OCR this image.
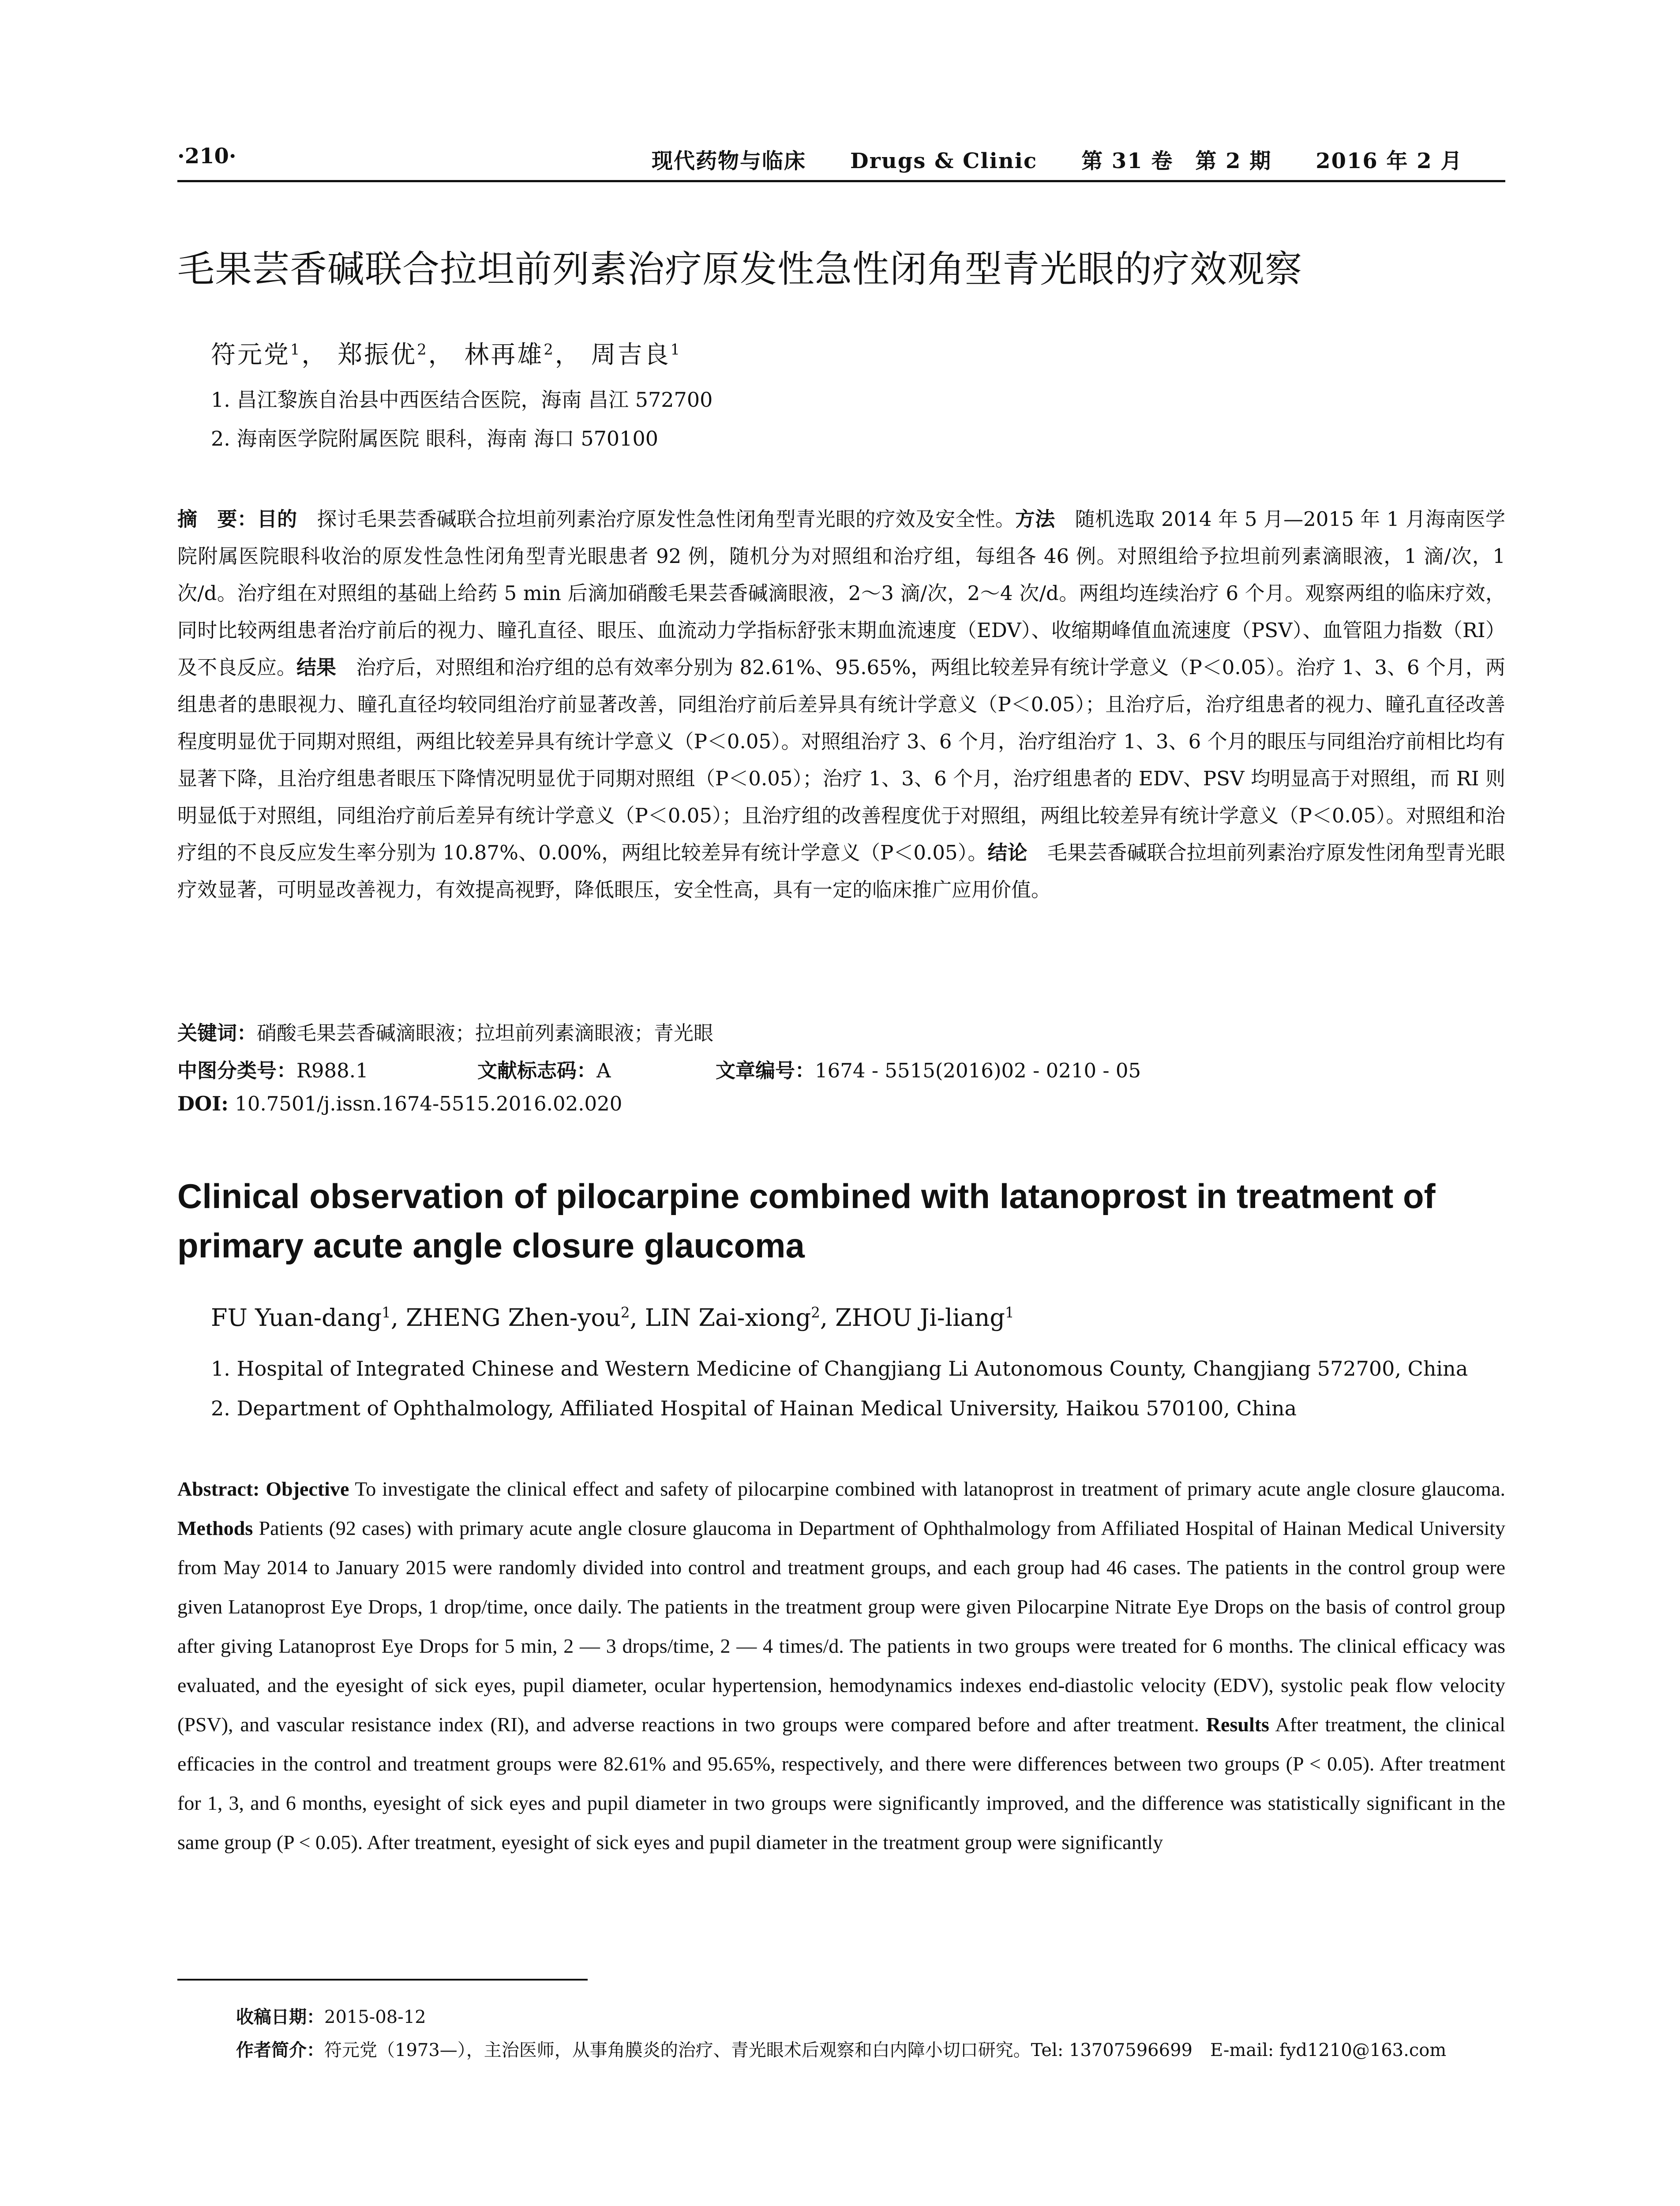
·210·	现代药物与临床　　Drugs & Clinic　　第 31 卷　第 2 期　　2016 年 2 月
毛果芸香碱联合拉坦前列素治疗原发性急性闭角型青光眼的疗效观察
符元党$^1$， 郑振优$^2$， 林再雄$^2$， 周吉良$^1$
1. 昌江黎族自治县中西医结合医院，海南 昌江 572700
2. 海南医学院附属医院 眼科，海南 海口 570100

摘　要：目的　探讨毛果芸香碱联合拉坦前列素治疗原发性急性闭角型青光眼的疗效及安全性。方法　随机选取 2014 年 5 月—2015 年 1 月海南医学院附属医院眼科收治的原发性急性闭角型青光眼患者 92 例，随机分为对照组和治疗组，每组各 46 例。对照组给予拉坦前列素滴眼液，1 滴/次，1 次/d。治疗组在对照组的基础上给药 5 min 后滴加硝酸毛果芸香碱滴眼液，2～3 滴/次，2～4 次/d。两组均连续治疗 6 个月。观察两组的临床疗效，同时比较两组患者治疗前后的视力、瞳孔直径、眼压、血流动力学指标舒张末期血流速度（EDV）、收缩期峰值血流速度（PSV）、血管阻力指数（RI）及不良反应。结果　治疗后，对照组和治疗组的总有效率分别为 82.61%、95.65%，两组比较差异有统计学意义（P＜0.05）。治疗 1、3、6 个月，两组患者的患眼视力、瞳孔直径均较同组治疗前显著改善，同组治疗前后差异具有统计学意义（P＜0.05）；且治疗后，治疗组患者的视力、瞳孔直径改善程度明显优于同期对照组，两组比较差异具有统计学意义（P＜0.05）。对照组治疗 3、6 个月，治疗组治疗 1、3、6 个月的眼压与同组治疗前相比均有显著下降，且治疗组患者眼压下降情况明显优于同期对照组（P＜0.05）；治疗 1、3、6 个月，治疗组患者的 EDV、PSV 均明显高于对照组，而 RI 则明显低于对照组，同组治疗前后差异有统计学意义（P＜0.05）；且治疗组的改善程度优于对照组，两组比较差异有统计学意义（P＜0.05）。对照组和治疗组的不良反应发生率分别为 10.87%、0.00%，两组比较差异有统计学意义（P＜0.05）。结论　毛果芸香碱联合拉坦前列素治疗原发性闭角型青光眼疗效显著，可明显改善视力，有效提高视野，降低眼压，安全性高，具有一定的临床推广应用价值。

关键词：硝酸毛果芸香碱滴眼液；拉坦前列素滴眼液；青光眼
中图分类号：R988.1	文献标志码：A	文章编号：1674 - 5515(2016)02 - 0210 - 05
DOI: 10.7501/j.issn.1674-5515.2016.02.020
Clinical observation of pilocarpine combined with latanoprost in treatment of primary acute angle closure glaucoma
FU Yuan-dang$^1$, ZHENG Zhen-you$^2$, LIN Zai-xiong$^2$, ZHOU Ji-liang$^1$
1. Hospital of Integrated Chinese and Western Medicine of Changjiang Li Autonomous County, Changjiang 572700, China
2. Department of Ophthalmology, Affiliated Hospital of Hainan Medical University, Haikou 570100, China

Abstract: Objective To investigate the clinical effect and safety of pilocarpine combined with latanoprost in treatment of primary acute angle closure glaucoma. Methods Patients (92 cases) with primary acute angle closure glaucoma in Department of Ophthalmology from Affiliated Hospital of Hainan Medical University from May 2014 to January 2015 were randomly divided into control and treatment groups, and each group had 46 cases. The patients in the control group were given Latanoprost Eye Drops, 1 drop/time, once daily. The patients in the treatment group were given Pilocarpine Nitrate Eye Drops on the basis of control group after giving Latanoprost Eye Drops for 5 min, 2 — 3 drops/time, 2 — 4 times/d. The patients in two groups were treated for 6 months. The clinical efficacy was evaluated, and the eyesight of sick eyes, pupil diameter, ocular hypertension, hemodynamics indexes end-diastolic velocity (EDV), systolic peak flow velocity (PSV), and vascular resistance index (RI), and adverse reactions in two groups were compared before and after treatment. Results After treatment, the clinical efficacies in the control and treatment groups were 82.61% and 95.65%, respectively, and there were differences between two groups (P < 0.05). After treatment for 1, 3, and 6 months, eyesight of sick eyes and pupil diameter in two groups were significantly improved, and the difference was statistically significant in the same group (P < 0.05). After treatment, eyesight of sick eyes and pupil diameter in the treatment group were significantly

收稿日期：2015-08-12
作者简介：符元党（1973—），主治医师，从事角膜炎的治疗、青光眼术后观察和白内障小切口研究。Tel: 13707596699　E-mail: fyd1210@163.com
